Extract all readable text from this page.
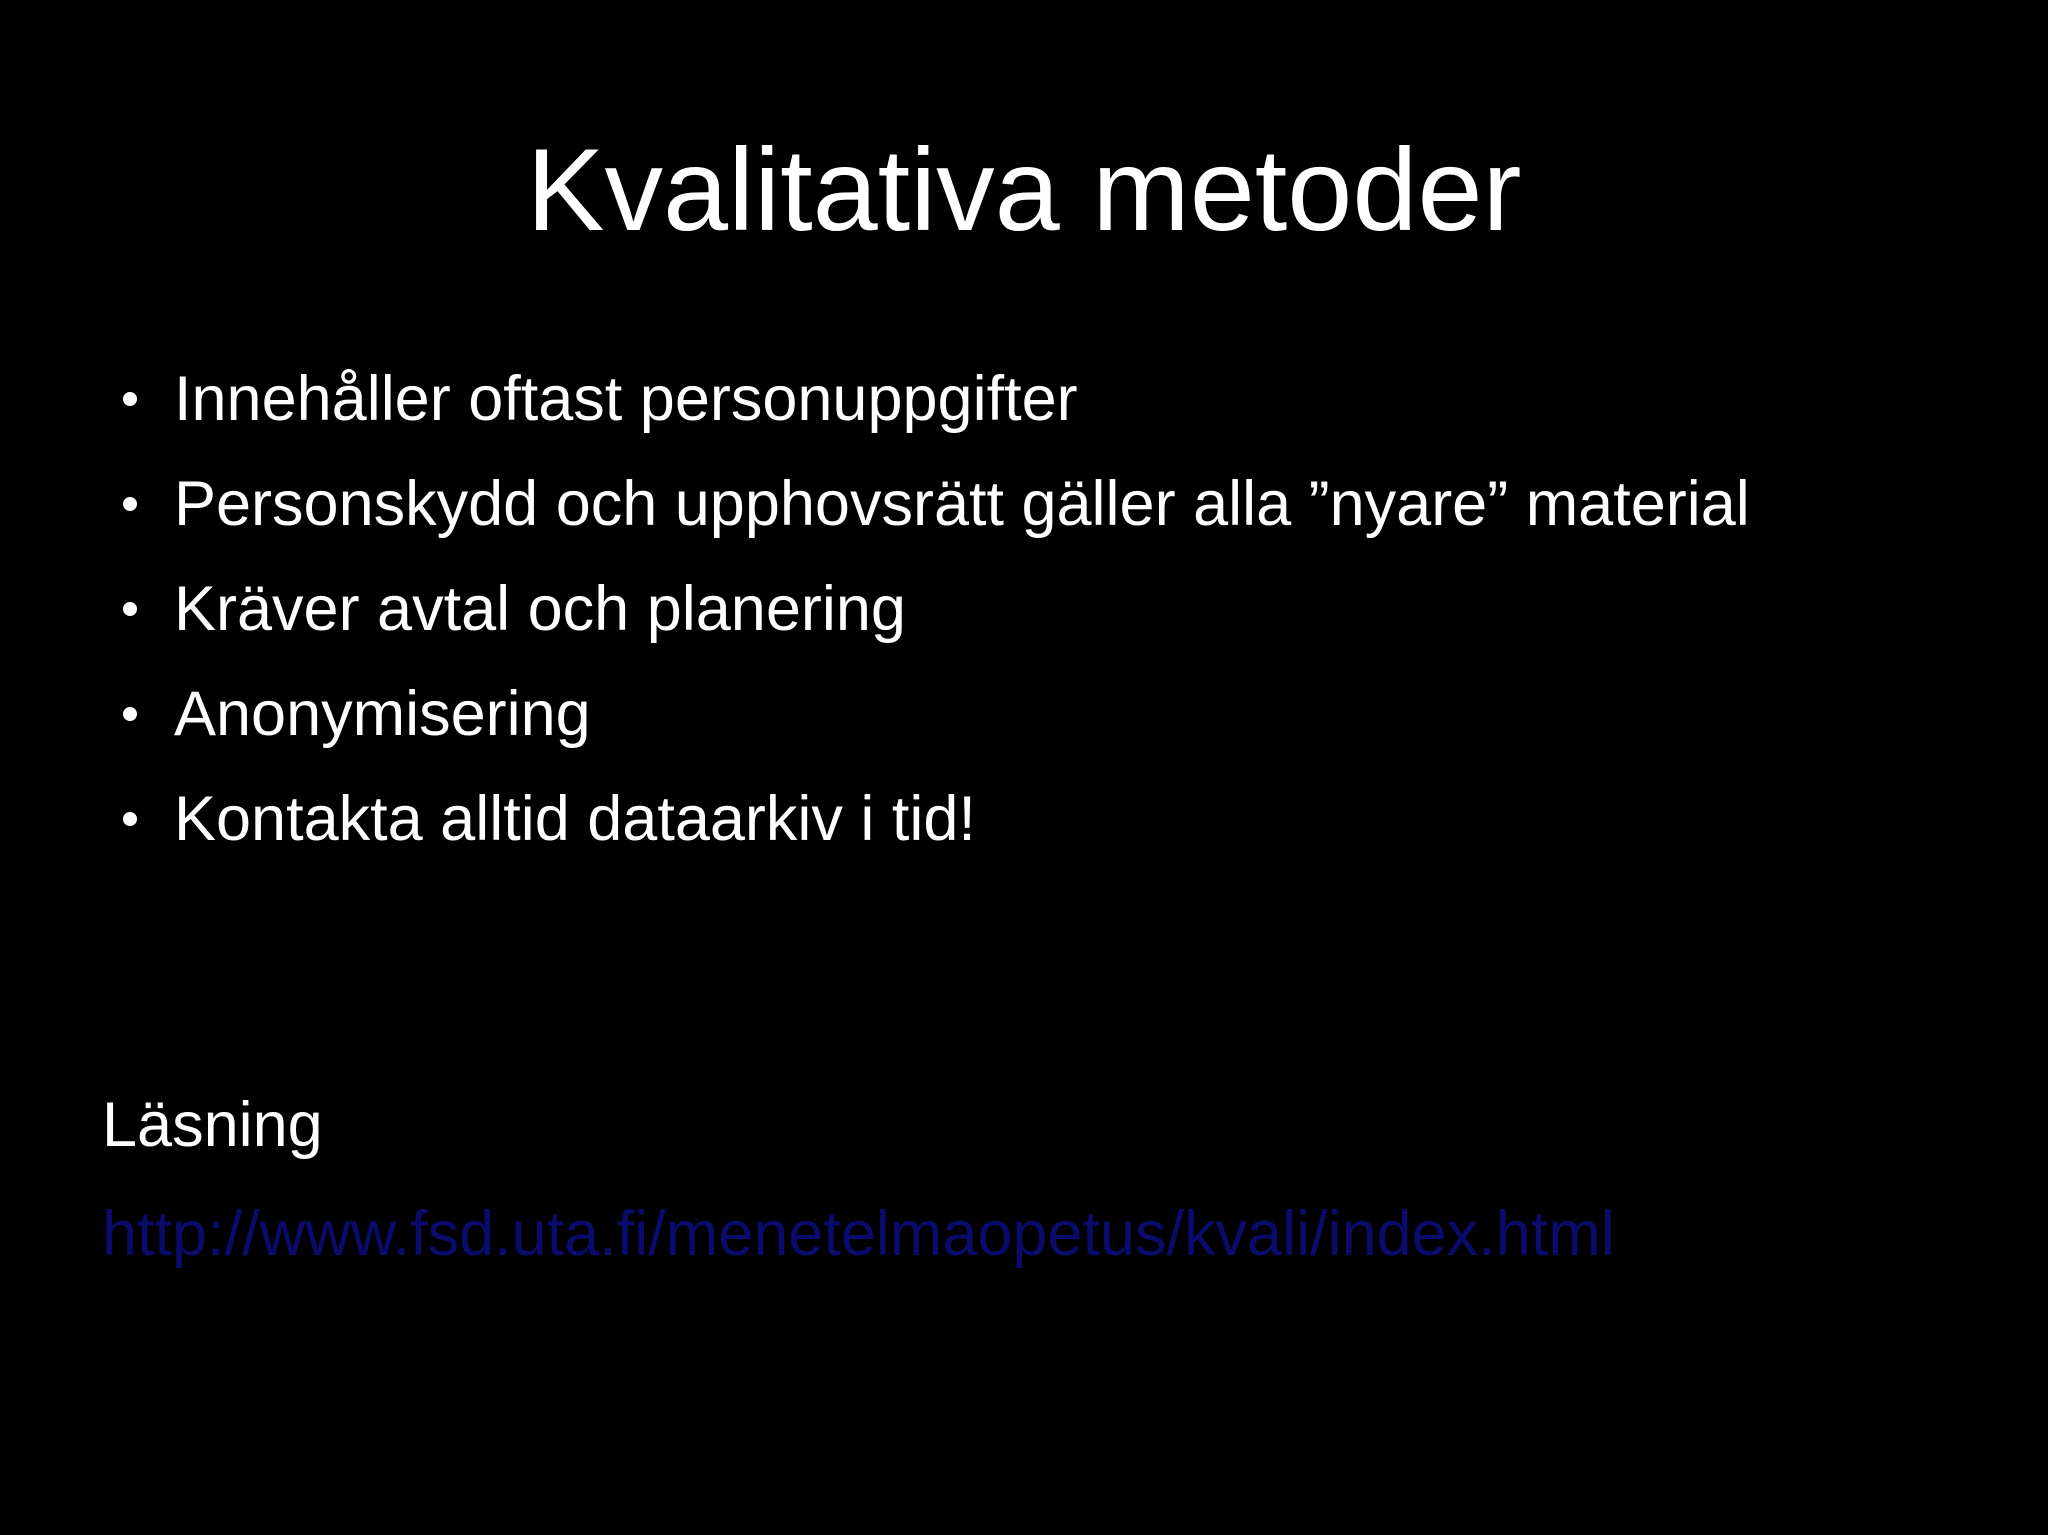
Kvalitativa metoder
Innehåller oftast personuppgifter
Personskydd och upphovsrätt gäller alla ”nyare” material
Kräver avtal och planering
Anonymisering
Kontakta alltid dataarkiv i tid!
Läsning
http://www.fsd.uta.fi/menetelmaopetus/kvali/index.html
